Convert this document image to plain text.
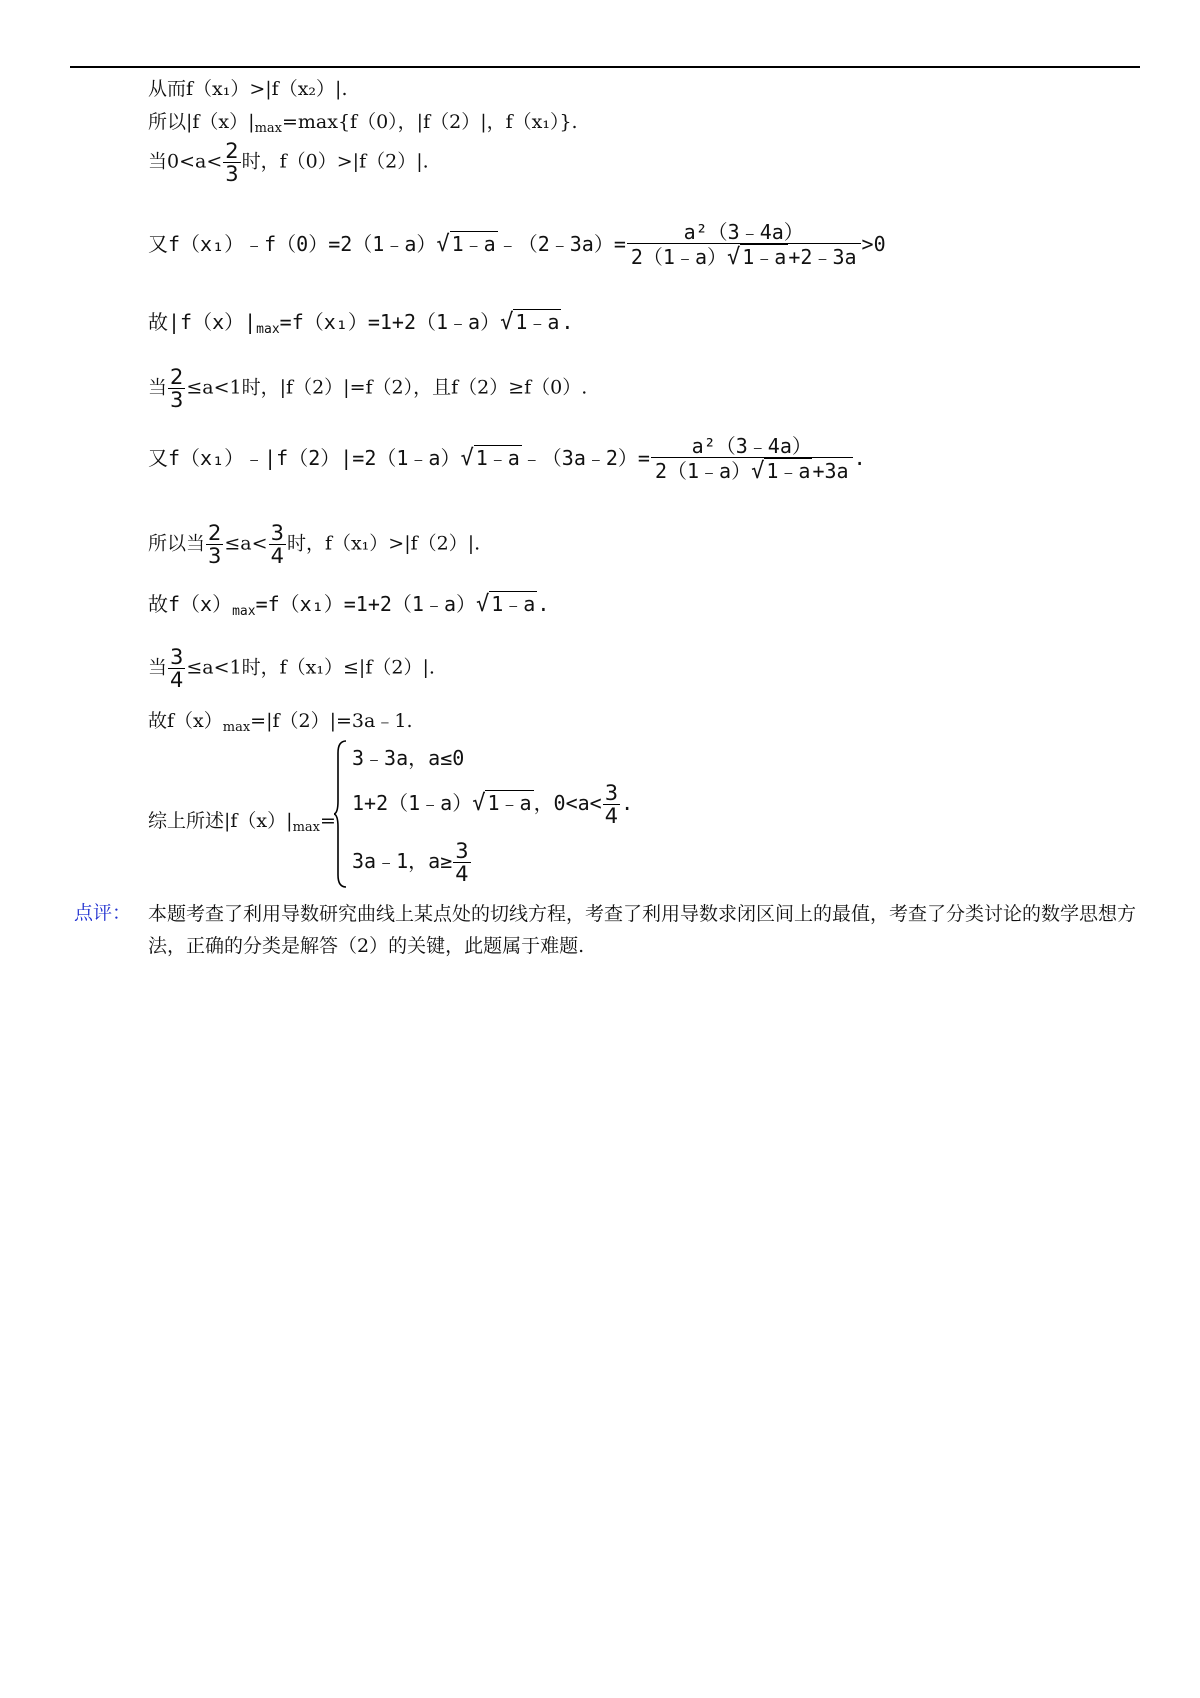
从而f（x₁）>|f（x₂）|.
所以$|f(x)|_{max}=\max\{f(0)$，|f（2）|，f（x₁）}.
当$0<a< \frac{2}{3}$ 时，f（0）>|f（2）|.
又f（x₁）﹣f（0）=2（1﹣a）√ 1﹣a ﹣（2﹣3a）= $\frac{\text{a²（3﹣4a）}}{2(1﹣a)√ 1﹣a +2﹣3a} >0$
故$|f(x)|_{max}=f(x_1)=1+2(1﹣a)√$ 1﹣a .
当 $\frac{2}{3} \le a<1$时，|f（2）|=f（2），且f（2）≥f（0）.
又f（x₁）﹣|f（2）|=2（1﹣a）√ 1﹣a ﹣（3a﹣2）= $\frac{\text{a²（3﹣4a）}}{2(1﹣a)√ 1﹣a +3a}$ .
所以当 $\frac{2}{3} \le a< \frac{3}{4}$ 时，f（x₁）>|f（2）|.
故$f(x)_{max}=f(x_1)=1+2(1﹣a)√$ 1﹣a .
当 $\frac{3}{4} \le a<1$时，f（x₁）≤|f（2）|.
故$f(x)_{max}=|f(2)|=3a﹣1$.
综上所述$|f(x)|_{max}=$
3﹣3a，a≤0
1+2（1﹣a）√ 1﹣a ，$0<a< \frac{3}{4}$ .
3a﹣1，$a\ge \frac{3}{4}$
点评： 本题考查了利用导数研究曲线上某点处的切线方程，考查了利用导数求闭区间上的最值，考查了分类讨论的数学思想方法，正确的分类是解答（2）的关键，此题属于难题.
